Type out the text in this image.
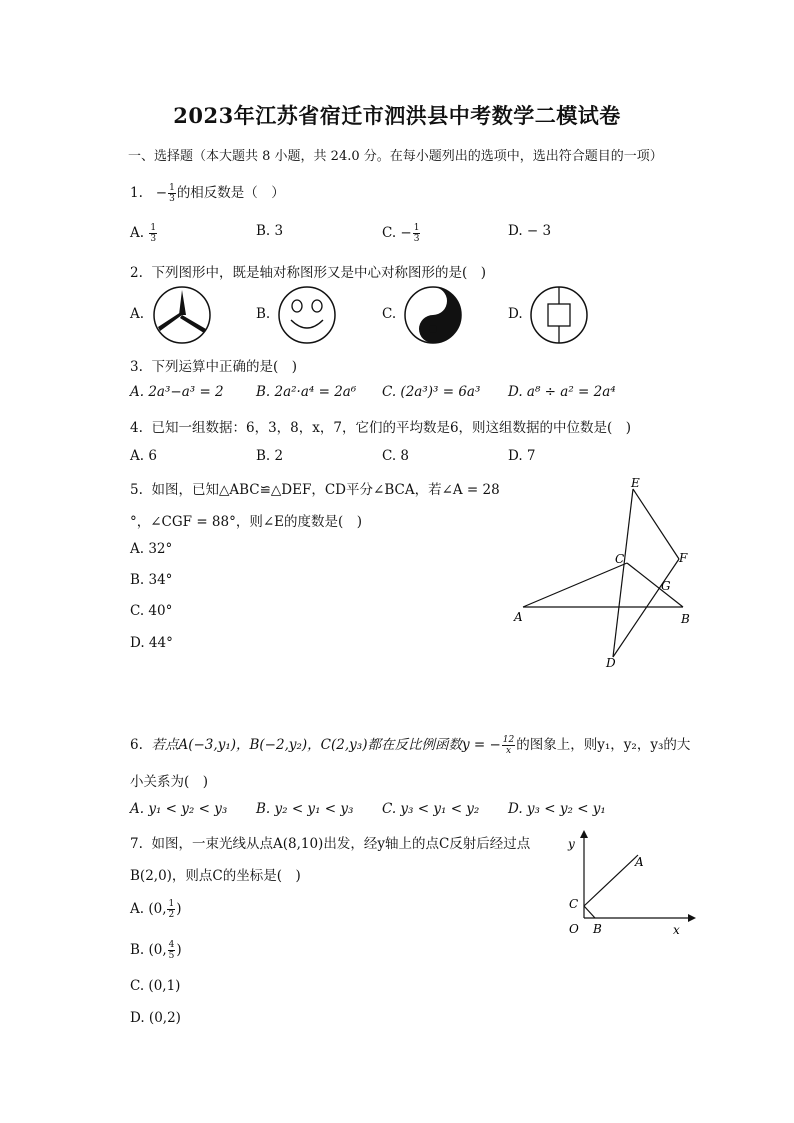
2023年江苏省宿迁市泗洪县中考数学二模试卷
一、选择题（本大题共 8 小题，共 24.0 分。在每小题列出的选项中，选出符合题目的一项）
1. − $\frac{1}{3}$ 的相反数是（　）
A. $\frac{1}{3}$	B. 3	C. − $\frac{1}{3}$	D. − 3
2. 下列图形中，既是轴对称图形又是中心对称图形的是(　)
A.	B.	C.	D.
3. 下列运算中正确的是(　)
A. 2a³−a³ = 2 B. 2a²·a⁴ = 2a⁶ C. (2a³)³ = 6a³ D. a⁸ ÷ a² = 2a⁴
4. 已知一组数据：6，3，8，x，7，它们的平均数是6，则这组数据的中位数是(　)
A. 6	B. 2	C. 8	D. 7
5. 如图，已知△ABC≌△DEF，CD平分∠BCA，若∠A = 28
°，∠CGF = 88°，则∠E的度数是(　)
A. 32°
B. 34°
C. 40°
D. 44°
E
F
C
G
A	B
D
6. 若点A(−3,y₁)，B(−2,y₂)，C(2,y₃)都在反比例函数y = − $\frac{12}{x}$ 的图象上，则y₁，y₂，y₃的大
小关系为(　)
A. y₁ < y₂ < y₃ B. y₂ < y₁ < y₃ C. y₃ < y₁ < y₂ D. y₃ < y₂ < y₁
7. 如图，一束光线从点A(8,10)出发，经y轴上的点C反射后经过点
B(2,0)，则点C的坐标是(　)
A. (0, $\frac{1}{2}$ )
B. (0, $\frac{4}{5}$ )
C. (0,1)
D. (0,2)
y
A
C
O B	x
